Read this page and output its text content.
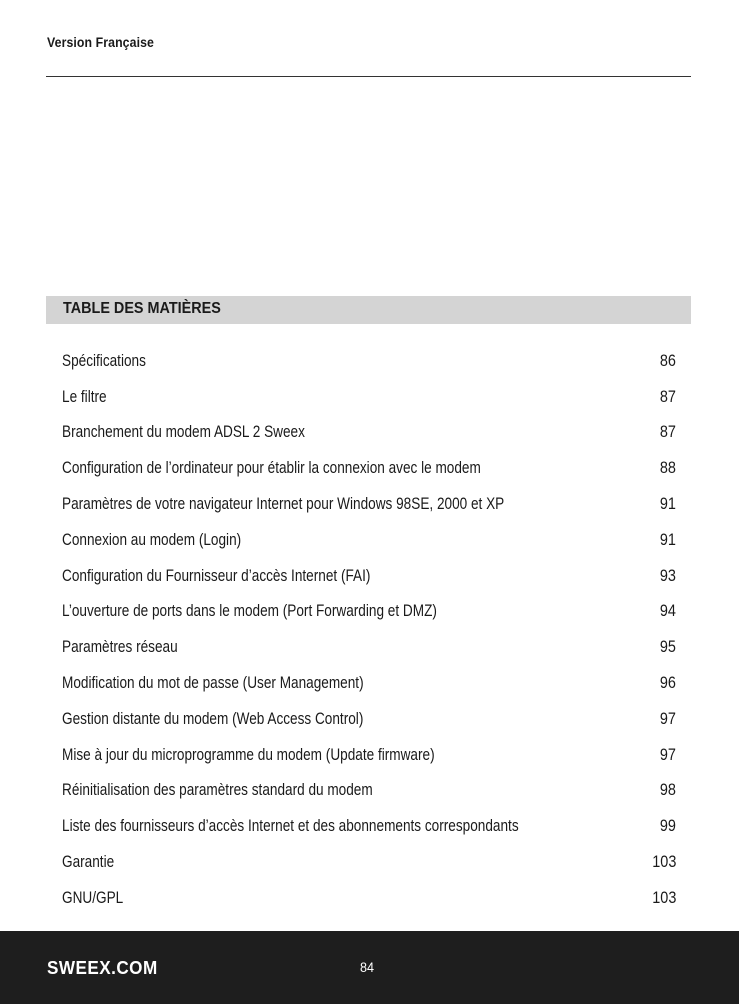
Version Française
TABLE DES MATIÈRES
Spécifications	86
Le filtre	87
Branchement du modem ADSL 2 Sweex	87
Configuration de l’ordinateur pour établir la connexion avec le modem	88
Paramètres de votre navigateur Internet pour Windows 98SE, 2000 et XP	91
Connexion au modem (Login)	91
Configuration du Fournisseur d’accès Internet (FAI)	93
L’ouverture de ports dans le modem (Port Forwarding et DMZ)	94
Paramètres réseau	95
Modification du mot de passe (User Management)	96
Gestion distante du modem (Web Access Control)	97
Mise à jour du microprogramme du modem (Update firmware)	97
Réinitialisation des paramètres standard du modem	98
Liste des fournisseurs d’accès Internet et des abonnements correspondants	99
Garantie	103
GNU/GPL	103
SWEEX.COM	84
